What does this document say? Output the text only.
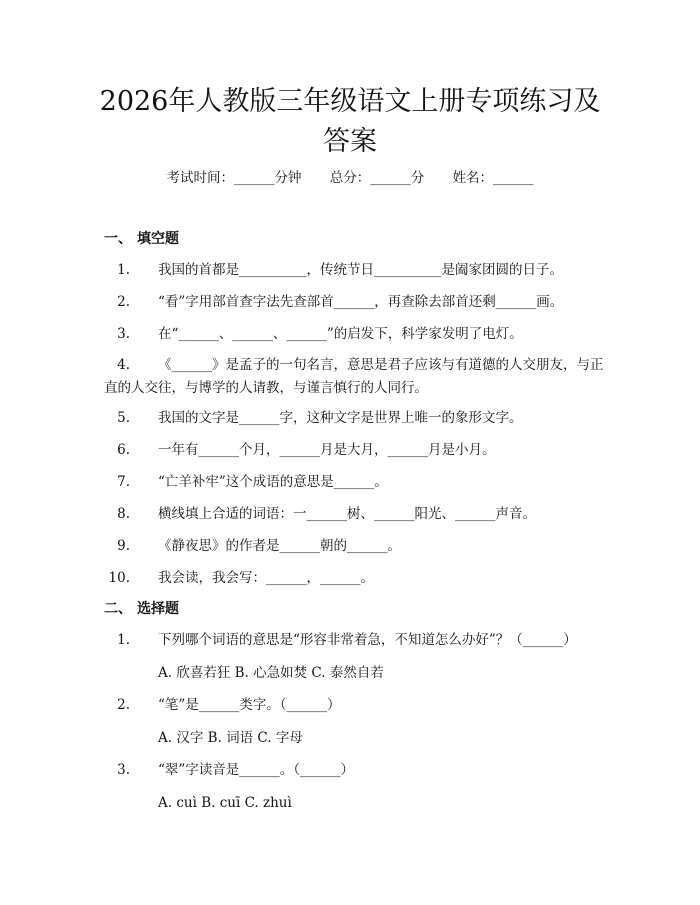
2026年人教版三年级语文上册专项练习及答案
考试时间：______分钟 总分：______分 姓名：______
一、 填空题
1. 我国的首都是__________，传统节日__________是阖家团圆的日子。
2. “看”字用部首查字法先查部首______，再查除去部首还剩______画。
3. 在“______、______、______”的启发下，科学家发明了电灯。
4. 《______》是孟子的一句名言，意思是君子应该与有道德的人交朋友，与正直的人交往，与博学的人请教，与谨言慎行的人同行。
5. 我国的文字是______字，这种文字是世界上唯一的象形文字。
6. 一年有______个月，______月是大月，______月是小月。
7. “亡羊补牢”这个成语的意思是______。
8. 横线填上合适的词语：一______树、______阳光、______声音。
9. 《静夜思》的作者是______朝的______。
10. 我会读，我会写：______，______。
二、 选择题
1. 下列哪个词语的意思是“形容非常着急，不知道怎么办好”？（______）
A. 欣喜若狂 B. 心急如焚 C. 泰然自若
2. “笔”是______类字。（______）
A. 汉字 B. 词语 C. 字母
3. “翠”字读音是______。（______）
A. cuì B. cuī C. zhuì
